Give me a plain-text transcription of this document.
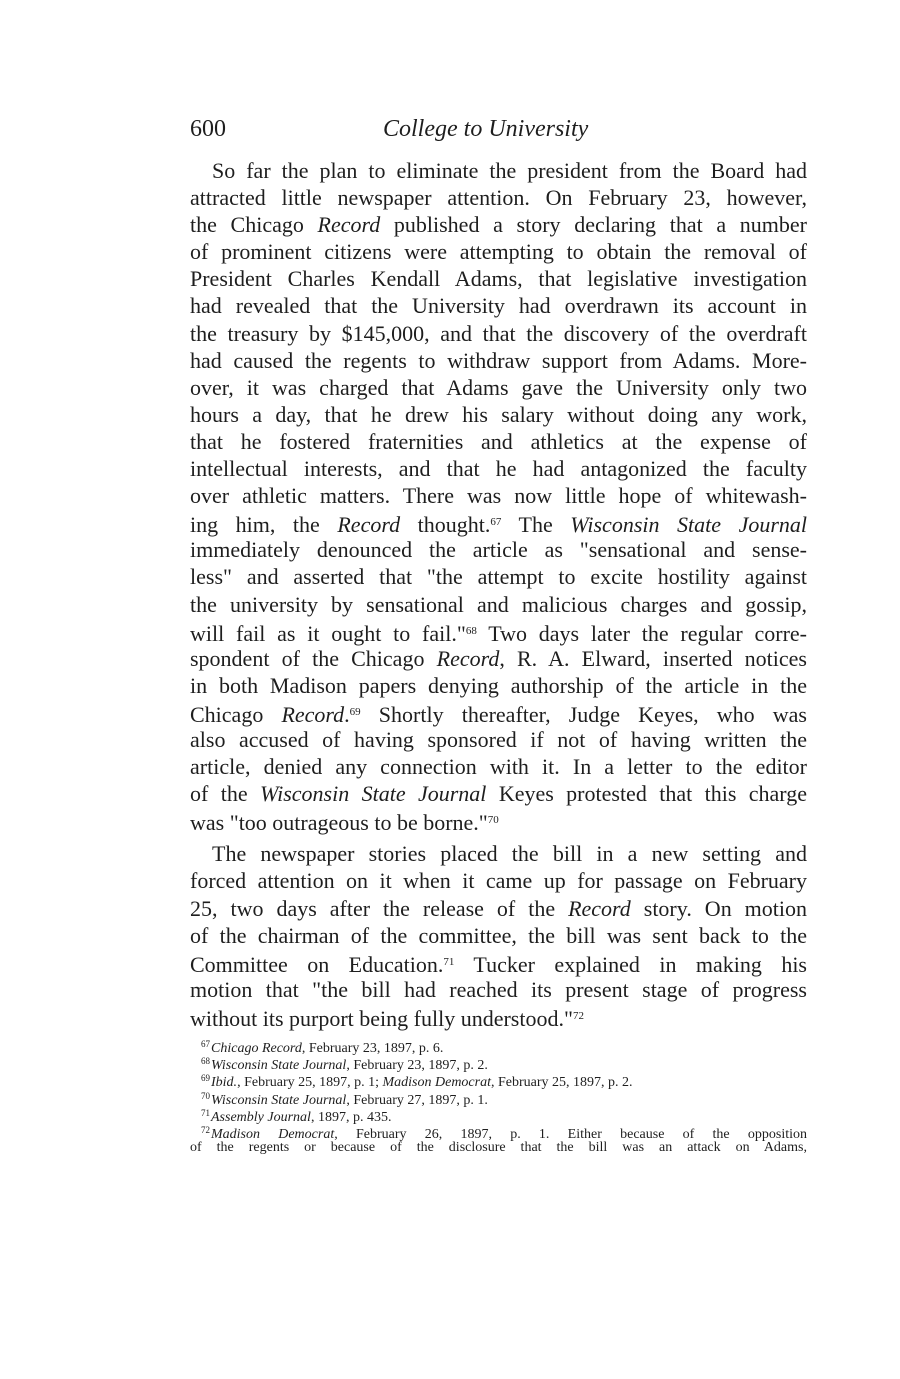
600	College to University
So far the plan to eliminate the president from the Board had
attracted little newspaper attention. On February 23, however,
the Chicago Record published a story declaring that a number
of prominent citizens were attempting to obtain the removal of
President Charles Kendall Adams, that legislative investigation
had revealed that the University had overdrawn its account in
the treasury by $145,000, and that the discovery of the overdraft
had caused the regents to withdraw support from Adams. More-
over, it was charged that Adams gave the University only two
hours a day, that he drew his salary without doing any work,
that he fostered fraternities and athletics at the expense of
intellectual interests, and that he had antagonized the faculty
over athletic matters. There was now little hope of whitewash-
ing him, the Record thought.$^{67}$ The Wisconsin State Journal
immediately denounced the article as "sensational and sense-
less" and asserted that "the attempt to excite hostility against
the university by sensational and malicious charges and gossip,
will fail as it ought to fail."$^{68}$ Two days later the regular corre-
spondent of the Chicago Record, R. A. Elward, inserted notices
in both Madison papers denying authorship of the article in the
Chicago Record.$^{69}$ Shortly thereafter, Judge Keyes, who was
also accused of having sponsored if not of having written the
article, denied any connection with it. In a letter to the editor
of the Wisconsin State Journal Keyes protested that this charge
was "too outrageous to be borne."$^{70}$
The newspaper stories placed the bill in a new setting and
forced attention on it when it came up for passage on February
25, two days after the release of the Record story. On motion
of the chairman of the committee, the bill was sent back to the
Committee on Education.$^{71}$ Tucker explained in making his
motion that "the bill had reached its present stage of progress
without its purport being fully understood."$^{72}$
$^{67}$Chicago Record, February 23, 1897, p. 6.
$^{68}$Wisconsin State Journal, February 23, 1897, p. 2.
$^{69}$Ibid., February 25, 1897, p. 1; Madison Democrat, February 25, 1897, p. 2.
$^{70}$Wisconsin State Journal, February 27, 1897, p. 1.
$^{71}$Assembly Journal, 1897, p. 435.
$^{72}$Madison Democrat, February 26, 1897, p. 1. Either because of the opposition
of the regents or because of the disclosure that the bill was an attack on Adams,
